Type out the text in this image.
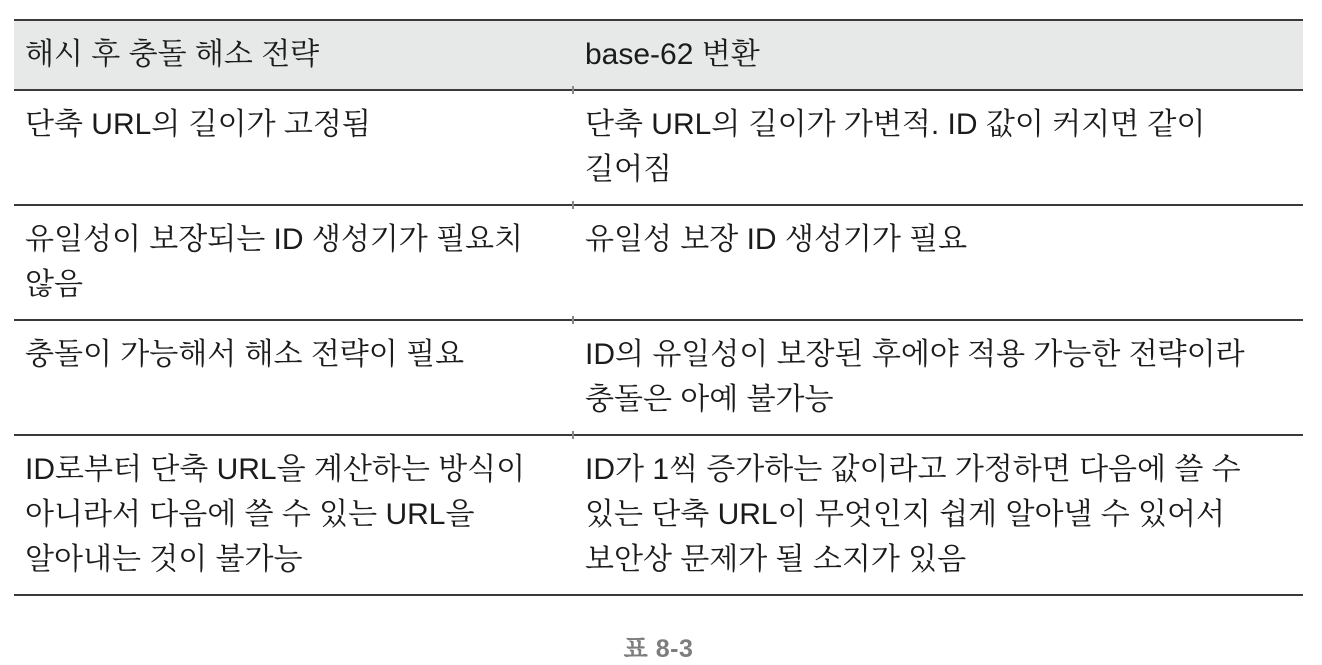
해시 후 충돌 해소 전략	base-62 변환
단축 URL의 길이가 고정됨	단축 URL의 길이가 가변적. ID 값이 커지면 같이 길어짐
유일성이 보장되는 ID 생성기가 필요치 않음	유일성 보장 ID 생성기가 필요
충돌이 가능해서 해소 전략이 필요	ID의 유일성이 보장된 후에야 적용 가능한 전략이라 충돌은 아예 불가능
ID로부터 단축 URL을 계산하는 방식이 아니라서 다음에 쓸 수 있는 URL을 알아내는 것이 불가능	ID가 1씩 증가하는 값이라고 가정하면 다음에 쓸 수 있는 단축 URL이 무엇인지 쉽게 알아낼 수 있어서 보안상 문제가 될 소지가 있음
표 8-3
